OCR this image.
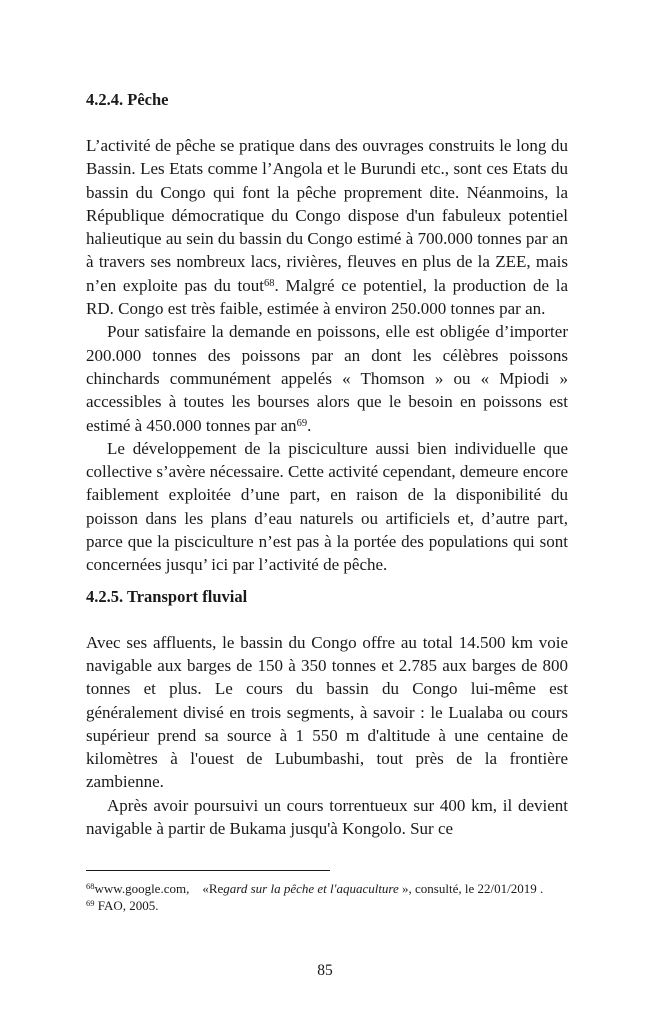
4.2.4. Pêche

L’activité de pêche se pratique dans des ouvrages construits le long du Bassin. Les Etats comme l’Angola et le Burundi etc., sont ces Etats du bassin du Congo qui font la pêche proprement dite. Néanmoins, la République démocratique du Congo dispose d'un fabuleux potentiel halieutique au sein du bassin du Congo estimé à 700.000 tonnes par an à travers ses nombreux lacs, rivières, fleuves en plus de la ZEE, mais n’en exploite pas du tout$^{68}$. Malgré ce potentiel, la production de la RD. Congo est très faible, estimée à environ 250.000 tonnes par an.

Pour satisfaire la demande en poissons, elle est obligée d’importer 200.000 tonnes des poissons par an dont les célèbres poissons chinchards communément appelés « Thomson » ou « Mpiodi » accessibles à toutes les bourses alors que le besoin en poissons est estimé à 450.000 tonnes par $an^{69}$.

Le développement de la pisciculture aussi bien individuelle que collective s’avère nécessaire. Cette activité cependant, demeure encore faiblement exploitée d’une part, en raison de la disponibilité du poisson dans les plans d’eau naturels ou artificiels et, d’autre part, parce que la pisciculture n’est pas à la portée des populations qui sont concernées jusqu’ ici par l’activité de pêche.

4.2.5. Transport fluvial

Avec ses affluents, le bassin du Congo offre au total 14.500 km voie navigable aux barges de 150 à 350 tonnes et 2.785 aux barges de 800 tonnes et plus. Le cours du bassin du Congo lui-même est généralement divisé en trois segments, à savoir : le Lualaba ou cours supérieur prend sa source à 1 550 m d'altitude à une centaine de kilomètres à l'ouest de Lubumbashi, tout près de la frontière zambienne.

Après avoir poursuivi un cours torrentueux sur 400 km, il devient navigable à partir de Bukama jusqu'à Kongolo. Sur ce

$^{68}$www.google.com, «Regard sur la pêche et l'aquaculture », consulté, le 22/01/2019 .

$^{69}$ FAO, 2005.

85
